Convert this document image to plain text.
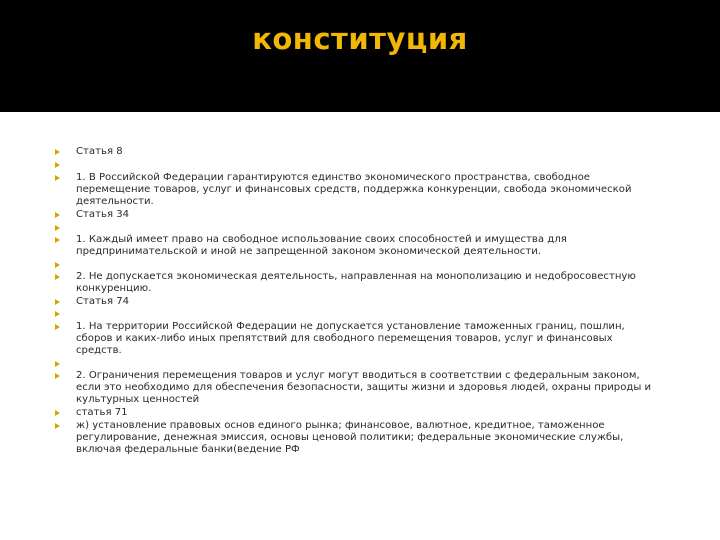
конституция
Статья 8
1. В Российской Федерации гарантируются единство экономического пространства, свободное
перемещение товаров, услуг и финансовых средств, поддержка конкуренции, свобода экономической
деятельности.
Статья 34
1. Каждый имеет право на свободное использование своих способностей и имущества для
предпринимательской и иной не запрещенной законом экономической деятельности.
2. Не допускается экономическая деятельность, направленная на монополизацию и недобросовестную
конкуренцию.
Статья 74
1. На территории Российской Федерации не допускается установление таможенных границ, пошлин,
сборов и каких-либо иных препятствий для свободного перемещения товаров, услуг и финансовых
средств.
2. Ограничения перемещения товаров и услуг могут вводиться в соответствии с федеральным законом,
если это необходимо для обеспечения безопасности, защиты жизни и здоровья людей, охраны природы и
культурных ценностей
статья 71
ж) установление правовых основ единого рынка; финансовое, валютное, кредитное, таможенное
регулирование, денежная эмиссия, основы ценовой политики; федеральные экономические службы,
включая федеральные банки(ведение РФ
